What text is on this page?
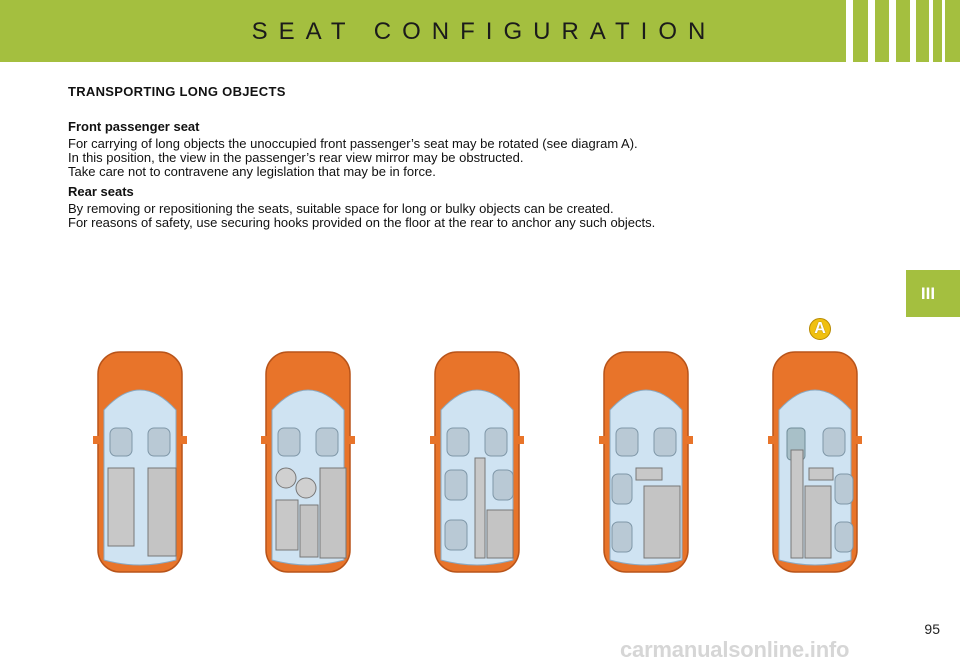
SEAT CONFIGURATION
III
TRANSPORTING LONG OBJECTS
Front passenger seat
For carrying of long objects the unoccupied front passenger’s seat may be rotated (see diagram A).
In this position, the view in the passenger’s rear view mirror may be obstructed.
Take care not to contravene any legislation that may be in force.
Rear seats
By removing or repositioning the seats, suitable space for long or bulky objects can be created.
For reasons of safety, use securing hooks provided on the floor at the rear to anchor any such objects.
A
95
carmanualsonline.info
